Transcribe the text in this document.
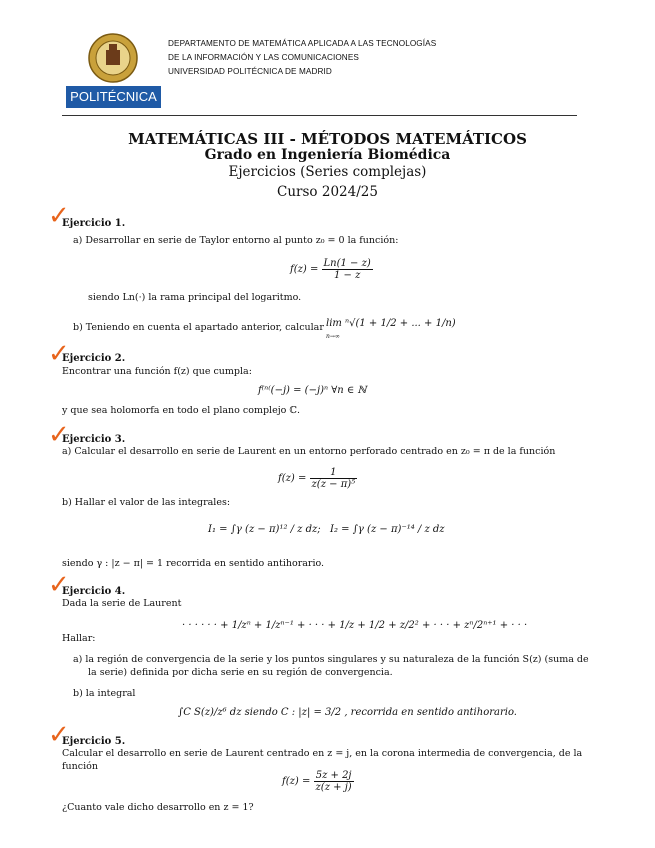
POLITÉCNICA
DEPARTAMENTO DE MATEMÁTICA APLICADA A LAS TECNOLOGÍAS
DE LA INFORMACIÓN Y LAS COMUNICACIONES
UNIVERSIDAD POLITÉCNICA DE MADRID
MATEMÁTICAS III - MÉTODOS MATEMÁTICOS
Grado en Ingeniería Biomédica
Ejercicios (Series complejas)
Curso 2024/25
✓
Ejercicio 1.
a) Desarrollar en serie de Taylor entorno al punto z₀ = 0 la función:
$f(z) = \frac{Ln(1 - z)}{1 - z}$
siendo Ln(·) la rama principal del logaritmo.
b) Teniendo en cuenta el apartado anterior, calcular lim ⁿ√(1 + 1/2 + ... + 1/n)
n→∞
✓
Ejercicio 2.
Encontrar una función f(z) que cumpla:
f⁽ⁿ⁽(−j) = (−j)ⁿ ∀n ∈ ℕ
y que sea holomorfa en todo el plano complejo ℂ.
✓
Ejercicio 3.
a) Calcular el desarrollo en serie de Laurent en un entorno perforado centrado en z₀ = π de la función
$f(z) = \frac{1}{\text{z(z − π)⁵}}$
b) Hallar el valor de las integrales:
I₁ = ∫γ (z − π)¹² / z dz; I₂ = ∫γ (z − π)⁻¹⁴ / z dz
siendo γ : |z − π| = 1 recorrida en sentido antihorario.
✓
Ejercicio 4.
Dada la serie de Laurent
· · · · · · + 1/zⁿ + 1/zⁿ⁻¹ + · · · + 1/z + 1/2 + z/2² + · · · + zⁿ/2ⁿ⁺¹ + · · ·
Hallar:
a) la región de convergencia de la serie y los puntos singulares y su naturaleza de la función S(z) (suma de
la serie) definida por dicha serie en su región de convergencia.
b) la integral
∫C S(z)/z⁶ dz siendo C : |z| = 3/2 , recorrida en sentido antihorario.
✓
Ejercicio 5.
Calcular el desarrollo en serie de Laurent centrado en z = j, en la corona intermedia de convergencia, de la
función
$f(z) = \frac{5z + 2j}{z(z + j)}$
¿Cuanto vale dicho desarrollo en z = 1?
